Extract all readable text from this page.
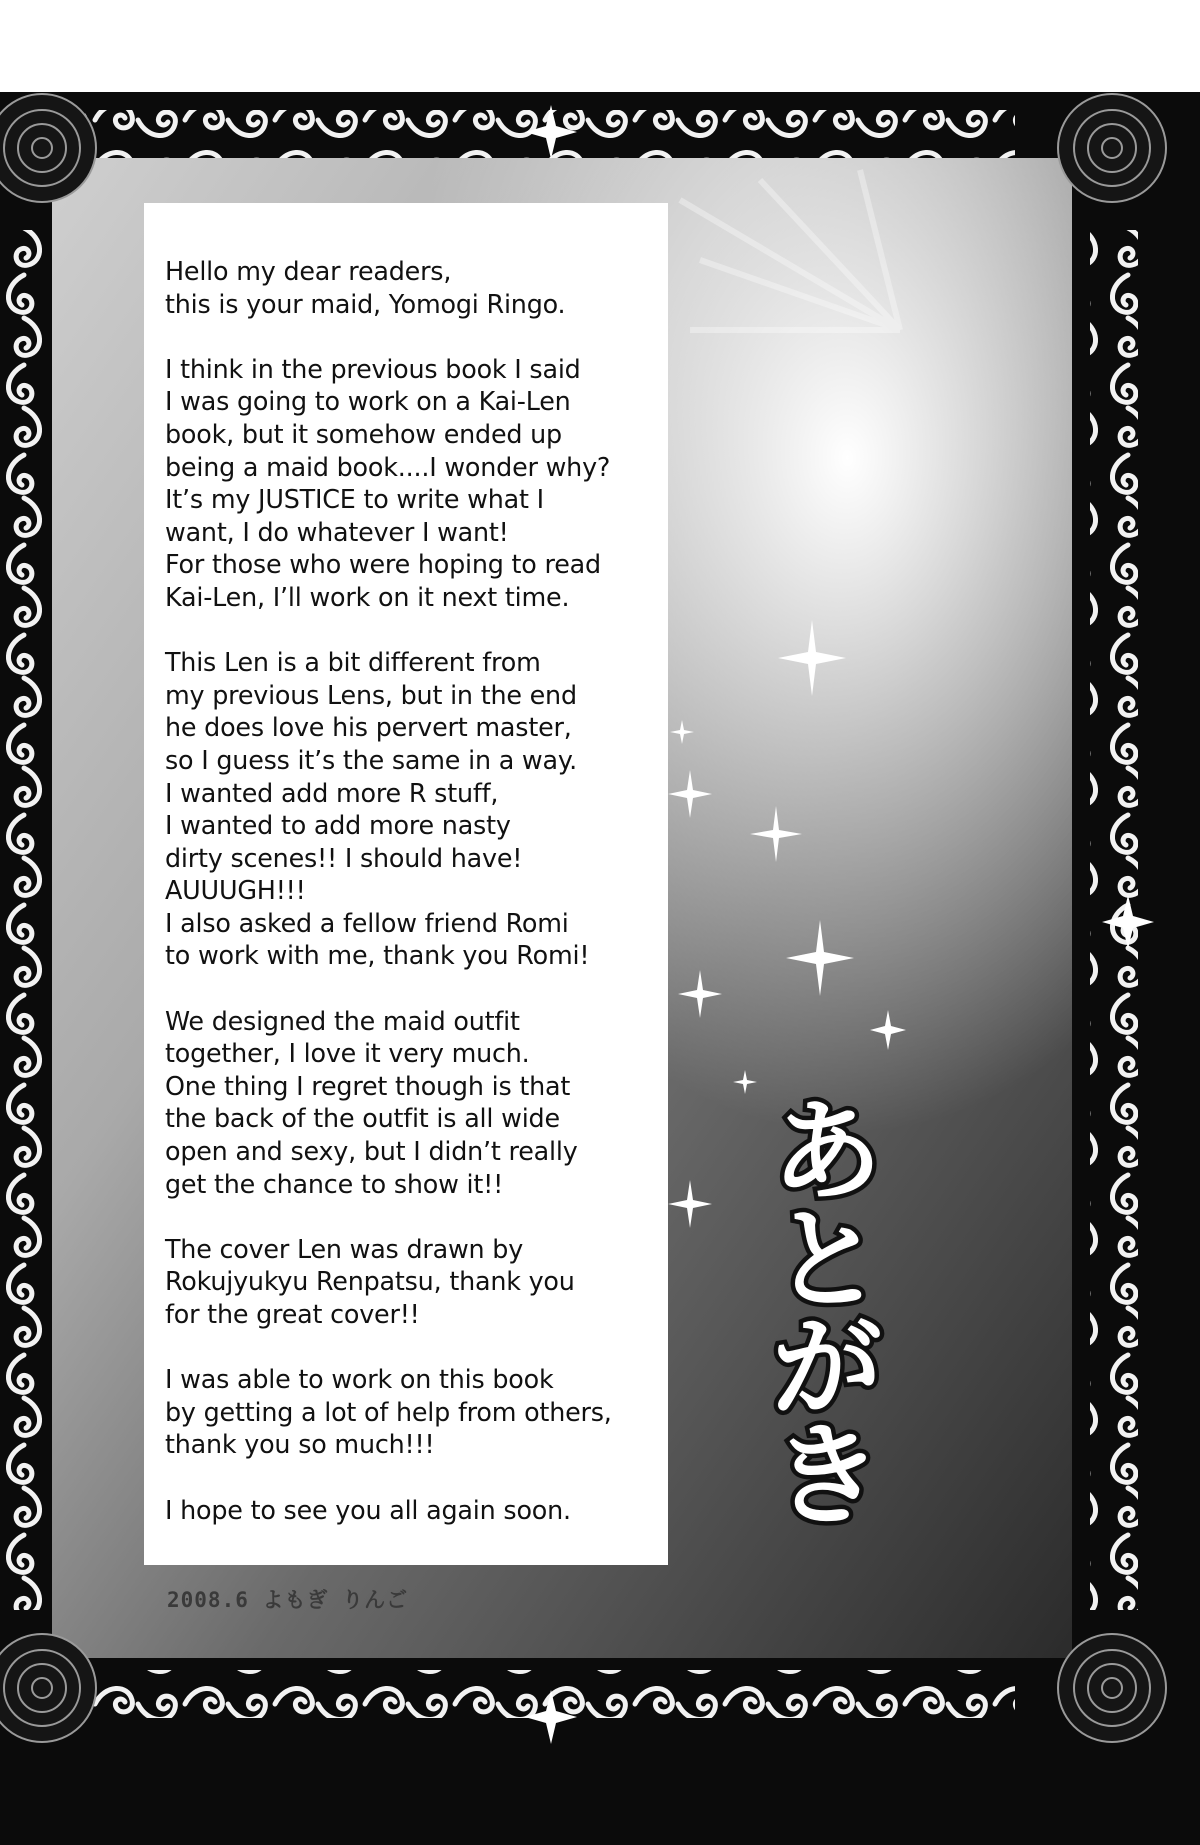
Hello my dear readers,
this is your maid, Yomogi Ringo.
I think in the previous book I said
I was going to work on a Kai-Len
book, but it somehow ended up
being a maid book....I wonder why?
It’s my JUSTICE to write what I
want, I do whatever I want!
For those who were hoping to read
Kai-Len, I’ll work on it next time.
This Len is a bit different from
my previous Lens, but in the end
he does love his pervert master,
so I guess it’s the same in a way.
I wanted add more R stuff,
I wanted to add more nasty
dirty scenes!! I should have!
AUUUGH!!!
I also asked a fellow friend Romi
to work with me, thank you Romi!
We designed the maid outfit
together, I love it very much.
One thing I regret though is that
the back of the outfit is all wide
open and sexy, but I didn’t really
get the chance to show it!!
The cover Len was drawn by
Rokujyukyu Renpatsu, thank you
for the great cover!!
I was able to work on this book
by getting a lot of help from others,
thank you so much!!!
I hope to see you all again soon.
2008.6 よもぎ りんご
あ
と
が
き
